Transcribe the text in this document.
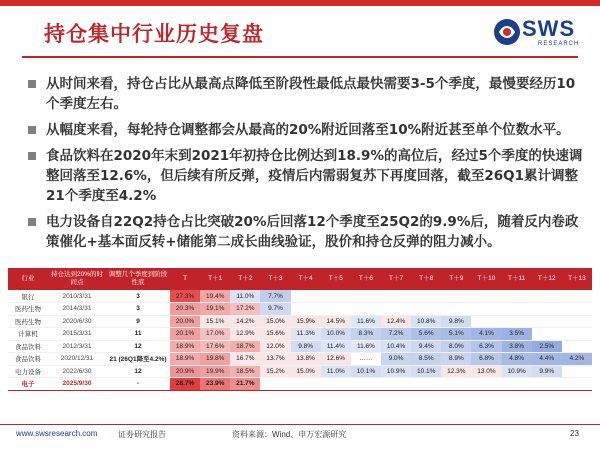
持仓集中行业历史复盘	SWS
RESEARCH
从时间来看，持仓占比从最高点降低至阶段性最低点最快需要3-5个季度，最慢要经历10个季度左右。
从幅度来看，每轮持仓调整都会从最高的20%附近回落至10%附近甚至单个位数水平。
食品饮料在2020年末到2021年初持仓比例达到18.9%的高位后，经过5个季度的快速调整回落至12.6%，但后续有所反弹，疫情后内需弱复苏下再度回落，截至26Q1累计调整21个季度至4.2%
电力设备自22Q2持仓占比突破20%后回落12个季度至25Q2的9.9%后，随着反内卷政策催化+基本面反转+储能第二成长曲线验证，股价和持仓反弹的阻力减小。
行业	持仓达到20%的时间点	调整几个季度到阶段性底	T	T＋1	T＋2	T＋3	T＋4	T＋5	T＋6	T＋7	T＋8	T＋9	T＋10	T＋11	T＋12	T＋13
银行	2010/3/31	3	27.3%	19.4%	11.0%	7.7%										
医药生物	2014/3/31	3	20.3%	19.1%	17.2%	9.7%										
医药生物	2020/6/30	9	20.0%	15.1%	14.2%	15.0%	15.9%	14.5%	11.6%	12.4%	10.8%	9.8%				
计算机	2015/3/31	11	20.1%	17.0%	12.9%	15.6%	11.3%	10.0%	8.3%	7.2%	5.6%	5.1%	4.1%	3.5%		
食品饮料	2012/3/31	12	18.9%	17.6%	18.7%	12.0%	9.8%	11.4%	11.6%	10.4%	9.4%	8.0%	6.3%	3.8%	2.5%	
食品饮料	2020/12/31	21 (26Q1降至4.2%)	18.9%	19.8%	16.7%	13.7%	13.8%	12.6%	……	9.0%	8.5%	8.9%	6.8%	4.8%	4.4%	4.2%
电力设备	2022/6/30	12	20.9%	19.9%	18.5%	15.2%	15.0%	11.0%	10.1%	10.9%	10.1%	12.3%	13.0%	10.9%	9.9%	
电子	2025/9/30	-	28.7%	23.9%	21.7%											
www.swsresearch.com	证券研究报告	资料来源：Wind、申万宏源研究	23
